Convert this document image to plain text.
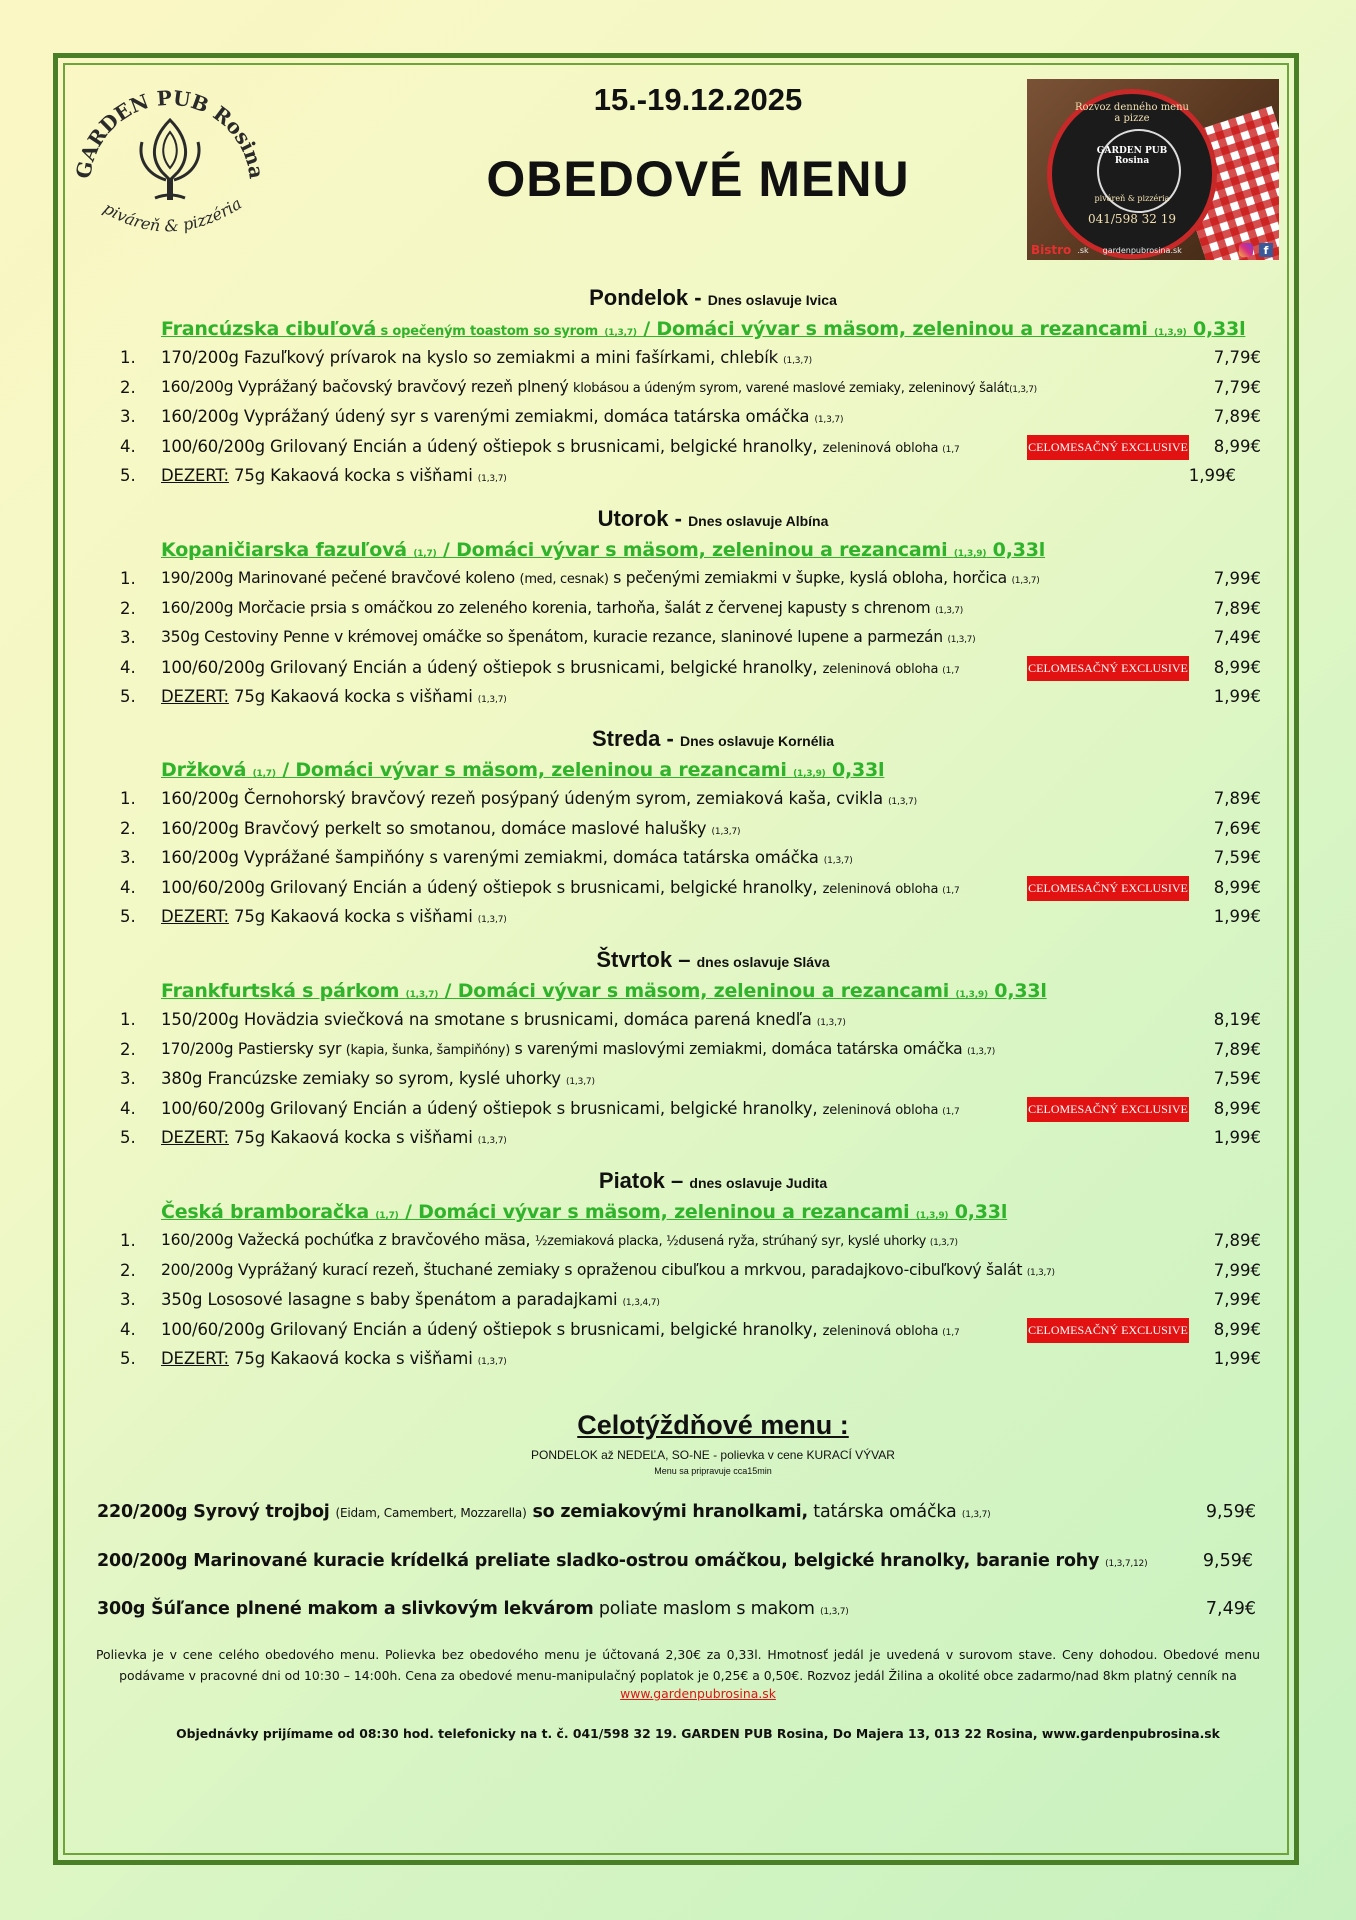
GARDEN PUB Rosina
piváreň & pizzéria
15.-19.12.2025
OBEDOVÉ MENU
Rozvoz denného menu a pizze
GARDEN PUB Rosina
piváreň & pizzéria
041/598 32 19
Bistro .sk gardenpubrosina.sk	f
Pondelok - Dnes oslavuje Ivica
Francúzska cibuľová s opečeným toastom so syrom (1,3,7) / Domáci vývar s mäsom, zeleninou a rezancami (1,3,9) 0,33l
1. 170/200g Fazuľkový prívarok na kyslo so zemiakmi a mini fašírkami, chlebík (1,3,7)	7,79€
2. 160/200g Vyprážaný bačovský bravčový rezeň plnený klobásou a údeným syrom, varené maslové zemiaky, zeleninový šalát(1,3,7)	7,79€
3. 160/200g Vyprážaný údený syr s varenými zemiakmi, domáca tatárska omáčka (1,3,7)	7,89€
4. 100/60/200g Grilovaný Encián a údený oštiepok s brusnicami, belgické hranolky, zeleninová obloha (1,7	CELOMESAČNÝ EXCLUSIVE 8,99€
5. DEZERT: 75g Kakaová kocka s višňami (1,3,7)	1,99€
Utorok - Dnes oslavuje Albína
Kopaničiarska fazuľová (1,7) / Domáci vývar s mäsom, zeleninou a rezancami (1,3,9) 0,33l
1. 190/200g Marinované pečené bravčové koleno (med, cesnak) s pečenými zemiakmi v šupke, kyslá obloha, horčica (1,3,7)	7,99€
2. 160/200g Morčacie prsia s omáčkou zo zeleného korenia, tarhoňa, šalát z červenej kapusty s chrenom (1,3,7)	7,89€
3. 350g Cestoviny Penne v krémovej omáčke so špenátom, kuracie rezance, slaninové lupene a parmezán (1,3,7)	7,49€
4. 100/60/200g Grilovaný Encián a údený oštiepok s brusnicami, belgické hranolky, zeleninová obloha (1,7	CELOMESAČNÝ EXCLUSIVE 8,99€
5. DEZERT: 75g Kakaová kocka s višňami (1,3,7)	1,99€
Streda - Dnes oslavuje Kornélia
Držková (1,7) / Domáci vývar s mäsom, zeleninou a rezancami (1,3,9) 0,33l
1. 160/200g Černohorský bravčový rezeň posýpaný údeným syrom, zemiaková kaša, cvikla (1,3,7)	7,89€
2. 160/200g Bravčový perkelt so smotanou, domáce maslové halušky (1,3,7)	7,69€
3. 160/200g Vyprážané šampiňóny s varenými zemiakmi, domáca tatárska omáčka (1,3,7)	7,59€
4. 100/60/200g Grilovaný Encián a údený oštiepok s brusnicami, belgické hranolky, zeleninová obloha (1,7	CELOMESAČNÝ EXCLUSIVE 8,99€
5. DEZERT: 75g Kakaová kocka s višňami (1,3,7)	1,99€
Štvrtok – dnes oslavuje Sláva
Frankfurtská s párkom (1,3,7) / Domáci vývar s mäsom, zeleninou a rezancami (1,3,9) 0,33l
1. 150/200g Hovädzia sviečková na smotane s brusnicami, domáca parená knedľa (1,3,7)	8,19€
2. 170/200g Pastiersky syr (kapia, šunka, šampiňóny) s varenými maslovými zemiakmi, domáca tatárska omáčka (1,3,7)	7,89€
3. 380g Francúzske zemiaky so syrom, kyslé uhorky (1,3,7)	7,59€
4. 100/60/200g Grilovaný Encián a údený oštiepok s brusnicami, belgické hranolky, zeleninová obloha (1,7	CELOMESAČNÝ EXCLUSIVE 8,99€
5. DEZERT: 75g Kakaová kocka s višňami (1,3,7)	1,99€
Piatok – dnes oslavuje Judita
Česká bramboračka (1,7) / Domáci vývar s mäsom, zeleninou a rezancami (1,3,9) 0,33l
1. 160/200g Važecká pochúťka z bravčového mäsa, ½zemiaková placka, ½dusená ryža, strúhaný syr, kyslé uhorky (1,3,7)	7,89€
2. 200/200g Vyprážaný kurací rezeň, štuchané zemiaky s opraženou cibuľkou a mrkvou, paradajkovo-cibuľkový šalát (1,3,7)	7,99€
3. 350g Lososové lasagne s baby špenátom a paradajkami (1,3,4,7)	7,99€
4. 100/60/200g Grilovaný Encián a údený oštiepok s brusnicami, belgické hranolky, zeleninová obloha (1,7	CELOMESAČNÝ EXCLUSIVE 8,99€
5. DEZERT: 75g Kakaová kocka s višňami (1,3,7)	1,99€
Celotýždňové menu :
PONDELOK až NEDEĽA, SO-NE - polievka v cene KURACÍ VÝVAR
Menu sa pripravuje cca15min
220/200g Syrový trojboj (Eidam, Camembert, Mozzarella) so zemiakovými hranolkami, tatárska omáčka (1,3,7)	9,59€
200/200g Marinované kuracie krídelká preliate sladko-ostrou omáčkou, belgické hranolky, baranie rohy (1,3,7,12)	9,59€
300g Šúľance plnené makom a slivkovým lekvárom poliate maslom s makom (1,3,7)	7,49€
Polievka je v cene celého obedového menu. Polievka bez obedového menu je účtovaná 2,30€ za 0,33l. Hmotnosť jedál je uvedená v surovom stave. Ceny dohodou. Obedové menu podávame v pracovné dni od 10:30 – 14:00h. Cena za obedové menu-manipulačný poplatok je 0,25€ a 0,50€. Rozvoz jedál Žilina a okolité obce zadarmo/nad 8km platný cenník na
www.gardenpubrosina.sk
Objednávky prijímame od 08:30 hod. telefonicky na t. č. 041/598 32 19. GARDEN PUB Rosina, Do Majera 13, 013 22 Rosina, www.gardenpubrosina.sk
